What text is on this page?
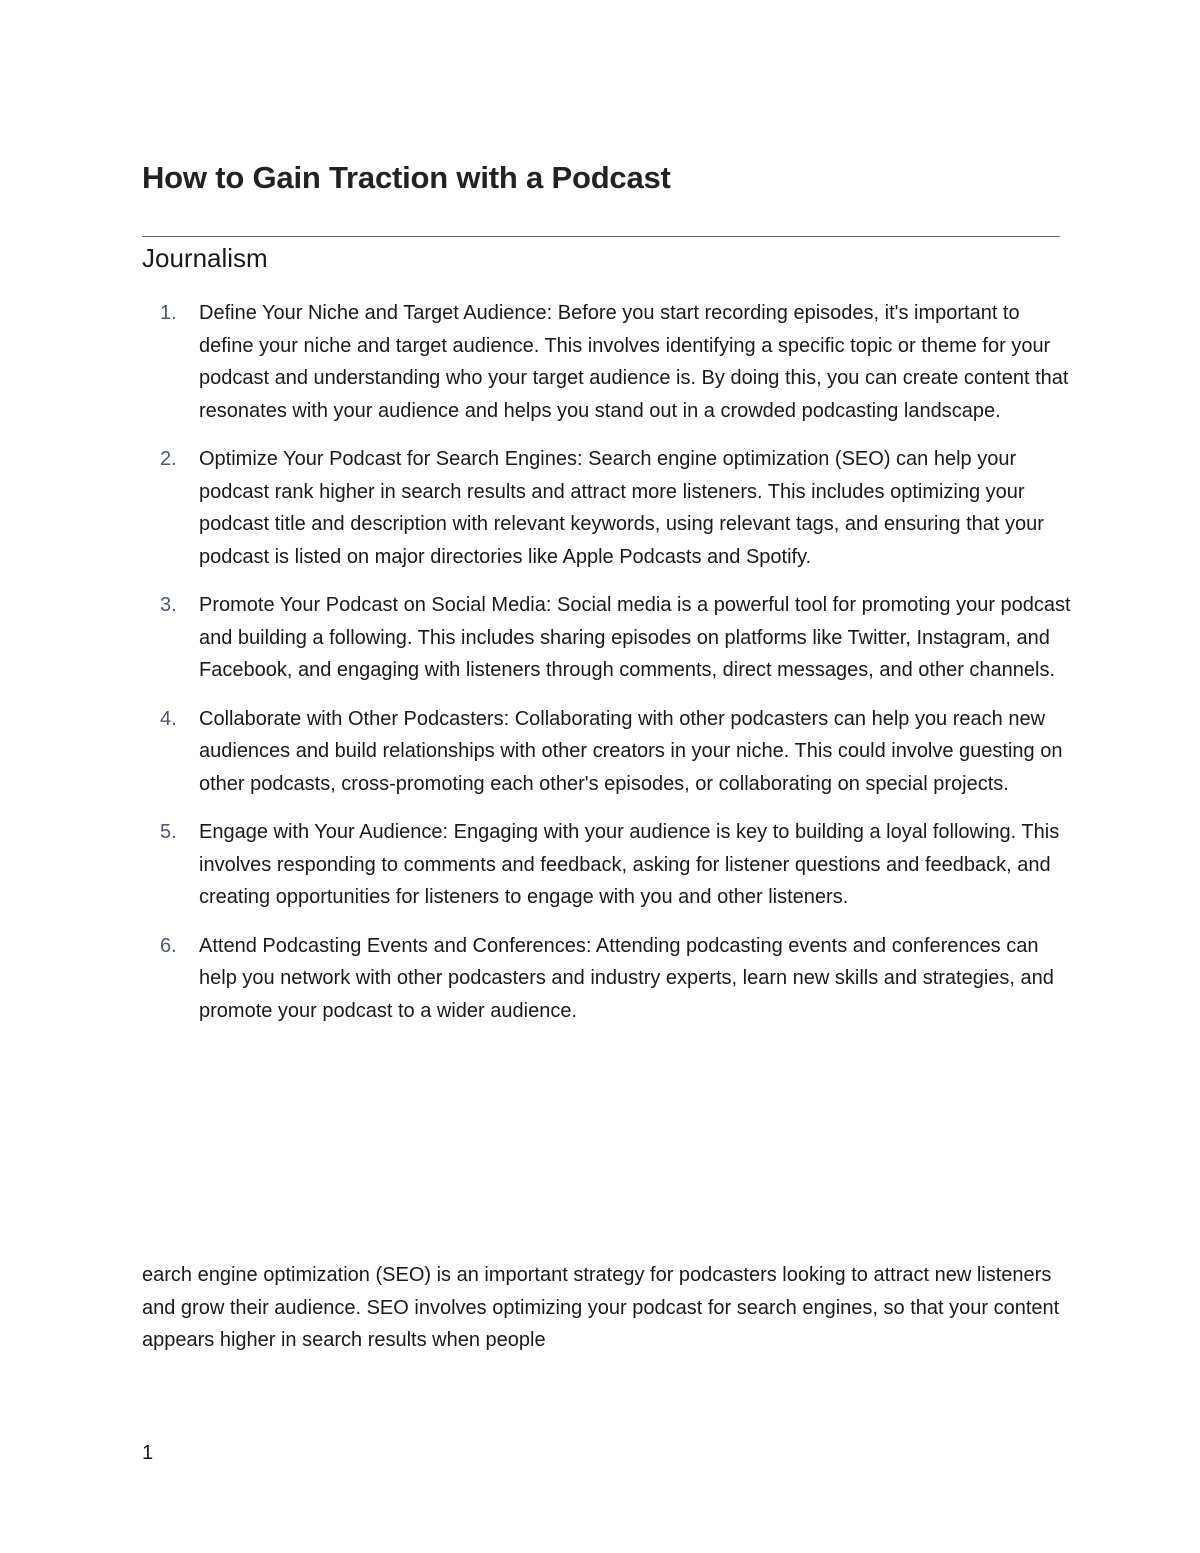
How to Gain Traction with a Podcast
Journalism
1.	Define Your Niche and Target Audience: Before you start recording episodes, it's important to define your niche and target audience. This involves identifying a specific topic or theme for your podcast and understanding who your target audience is. By doing this, you can create content that resonates with your audience and helps you stand out in a crowded podcasting landscape.
2.	Optimize Your Podcast for Search Engines: Search engine optimization (SEO) can help your podcast rank higher in search results and attract more listeners. This includes optimizing your podcast title and description with relevant keywords, using relevant tags, and ensuring that your podcast is listed on major directories like Apple Podcasts and Spotify.
3.	Promote Your Podcast on Social Media: Social media is a powerful tool for promoting your podcast and building a following. This includes sharing episodes on platforms like Twitter, Instagram, and Facebook, and engaging with listeners through comments, direct messages, and other channels.
4.	Collaborate with Other Podcasters: Collaborating with other podcasters can help you reach new audiences and build relationships with other creators in your niche. This could involve guesting on other podcasts, cross-promoting each other's episodes, or collaborating on special projects.
5.	Engage with Your Audience: Engaging with your audience is key to building a loyal following. This involves responding to comments and feedback, asking for listener questions and feedback, and creating opportunities for listeners to engage with you and other listeners.
6.	Attend Podcasting Events and Conferences: Attending podcasting events and conferences can help you network with other podcasters and industry experts, learn new skills and strategies, and promote your podcast to a wider audience.

earch engine optimization (SEO) is an important strategy for podcasters looking to attract new listeners and grow their audience. SEO involves optimizing your podcast for search engines, so that your content appears higher in search results when people

1
